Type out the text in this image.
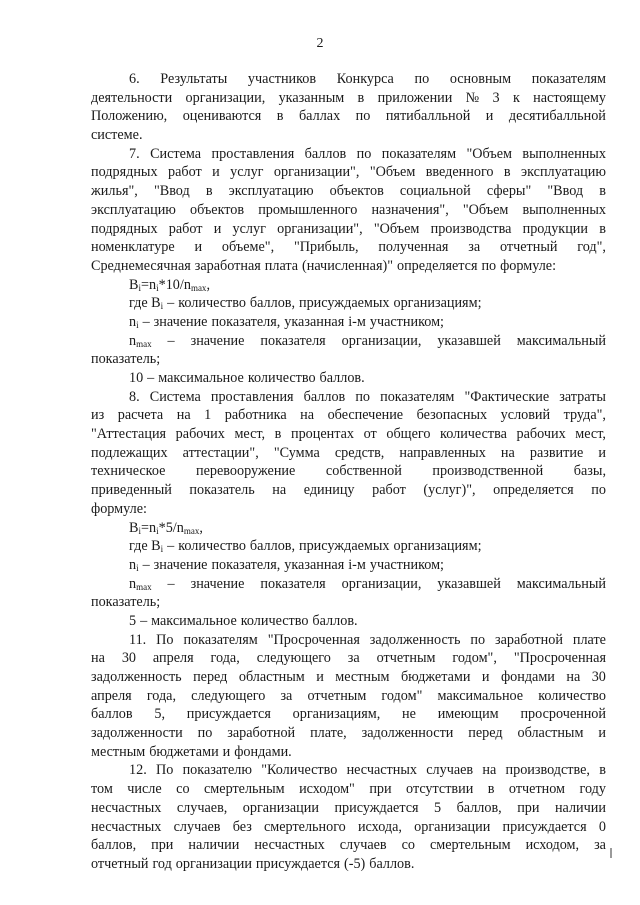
2
6. Результаты участников Конкурса по основным показателям
деятельности организации, указанным в приложении № 3 к настоящему
Положению, оцениваются в баллах по пятибалльной и десятибалльной
системе.
7. Система проставления баллов по показателям "Объем выполненных
подрядных работ и услуг организации", "Объем введенного в эксплуатацию
жилья", "Ввод в эксплуатацию объектов социальной сферы" "Ввод в
эксплуатацию объектов промышленного назначения", "Объем выполненных
подрядных работ и услуг организации", "Объем производства продукции в
номенклатуре и объеме", "Прибыль, полученная за отчетный год",
Среднемесячная заработная плата (начисленная)" определяется по формуле:
$B_i=n_i*10/n_{max}$,
где $B_i$ – количество баллов, присуждаемых организациям;
$n_i$ – значение показателя, указанная i-м участником;
$n_{max}$ – значение показателя организации, указавшей максимальный
показатель;
10 – максимальное количество баллов.
8. Система проставления баллов по показателям "Фактические затраты
из расчета на 1 работника на обеспечение безопасных условий труда",
"Аттестация рабочих мест, в процентах от общего количества рабочих мест,
подлежащих аттестации", "Сумма средств, направленных на развитие и
техническое перевооружение собственной производственной базы,
приведенный показатель на единицу работ (услуг)", определяется по
формуле:
$B_i=n_i*5/n_{max}$,
где $B_i$ – количество баллов, присуждаемых организациям;
$n_i$ – значение показателя, указанная i-м участником;
$n_{max}$ – значение показателя организации, указавшей максимальный
показатель;
5 – максимальное количество баллов.
11. По показателям "Просроченная задолженность по заработной плате
на 30 апреля года, следующего за отчетным годом", "Просроченная
задолженность перед областным и местным бюджетами и фондами на 30
апреля года, следующего за отчетным годом" максимальное количество
баллов 5, присуждается организациям, не имеющим просроченной
задолженности по заработной плате, задолженности перед областным и
местным бюджетами и фондами.
12. По показателю "Количество несчастных случаев на производстве, в
том числе со смертельным исходом" при отсутствии в отчетном году
несчастных случаев, организации присуждается 5 баллов, при наличии
несчастных случаев без смертельного исхода, организации присуждается 0
баллов, при наличии несчастных случаев со смертельным исходом, за
отчетный год организации присуждается (-5) баллов.
